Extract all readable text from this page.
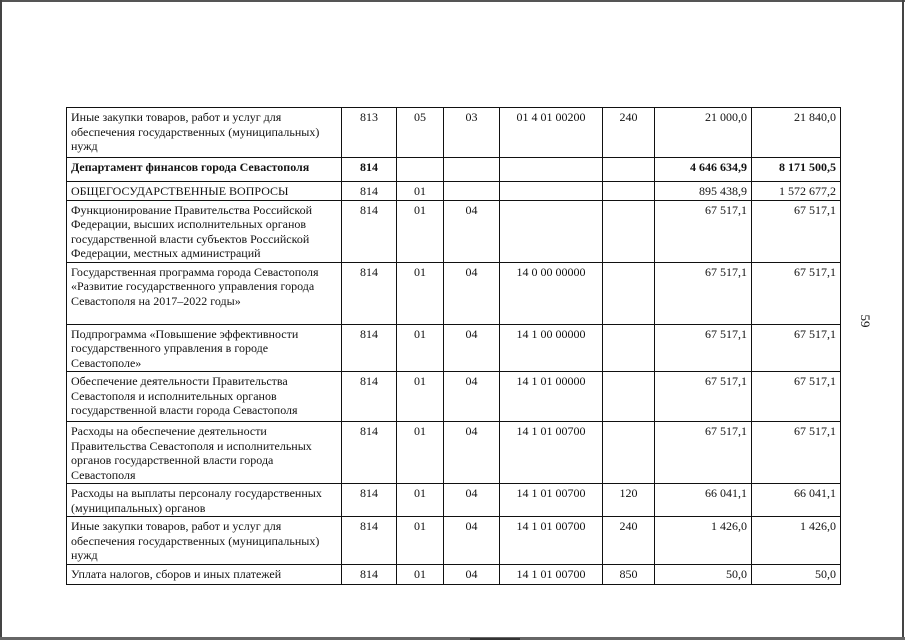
Иные закупки товаров, работ и услуг для обеспечения государственных (муниципальных) нужд	813	05	03	01 4 01 00200	240	21 000,0	21 840,0
Департамент финансов города Севастополя	814					4 646 634,9	8 171 500,5
ОБЩЕГОСУДАРСТВЕННЫЕ ВОПРОСЫ	814	01				895 438,9	1 572 677,2
Функционирование Правительства Российской Федерации, высших исполнительных органов государственной власти субъектов Российской Федерации, местных администраций	814	01	04			67 517,1	67 517,1
Государственная программа города Севастополя «Развитие государственного управления города Севастополя на 2017–2022 годы»	814	01	04	14 0 00 00000		67 517,1	67 517,1
Подпрограмма «Повышение эффективности государственного управления в городе Севастополе»	814	01	04	14 1 00 00000		67 517,1	67 517,1
Обеспечение деятельности Правительства Севастополя и исполнительных органов государственной власти города Севастополя	814	01	04	14 1 01 00000		67 517,1	67 517,1
Расходы на обеспечение деятельности Правительства Севастополя и исполнительных органов государственной власти города Севастополя	814	01	04	14 1 01 00700		67 517,1	67 517,1
Расходы на выплаты персоналу государственных (муниципальных) органов	814	01	04	14 1 01 00700	120	66 041,1	66 041,1
Иные закупки товаров, работ и услуг для обеспечения государственных (муниципальных) нужд	814	01	04	14 1 01 00700	240	1 426,0	1 426,0
Уплата налогов, сборов и иных платежей	814	01	04	14 1 01 00700	850	50,0	50,0
59
